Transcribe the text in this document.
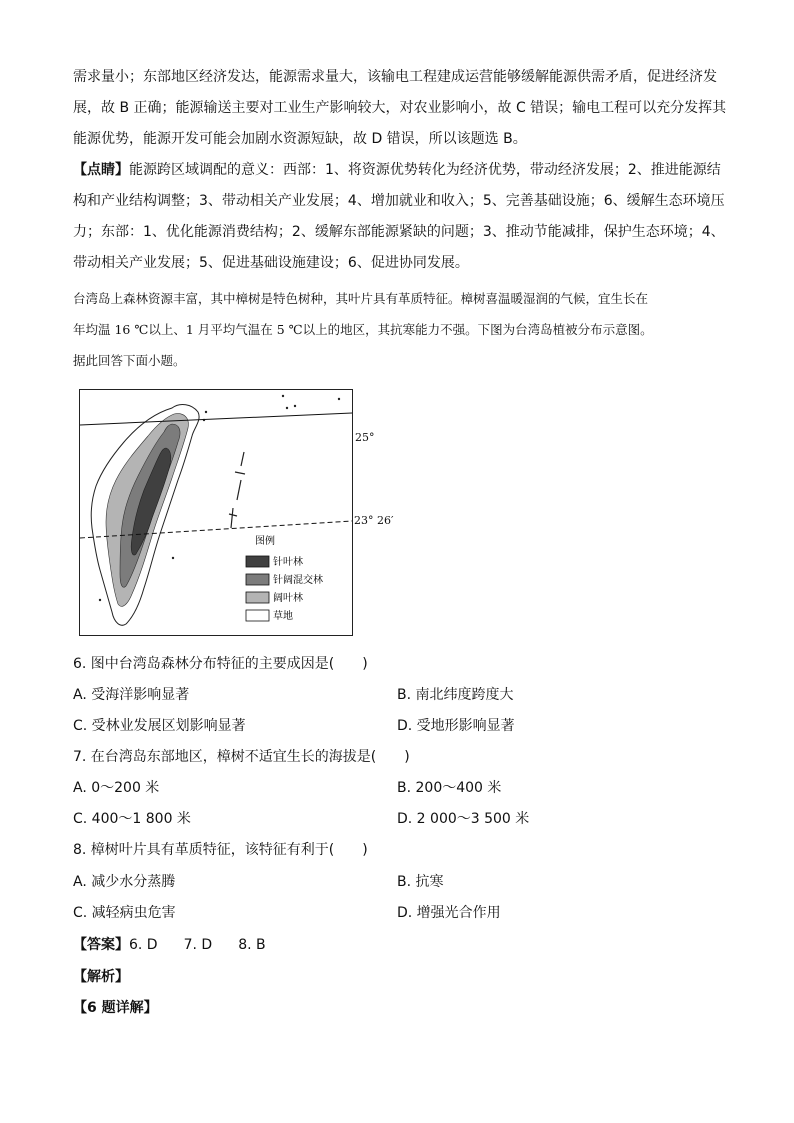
需求量小；东部地区经济发达，能源需求量大，该输电工程建成运营能够缓解能源供需矛盾，促进经济发
展，故 B 正确；能源输送主要对工业生产影响较大，对农业影响小，故 C 错误；输电工程可以充分发挥其
能源优势，能源开发可能会加剧水资源短缺，故 D 错误，所以该题选 B。
【点睛】能源跨区域调配的意义：西部：1、将资源优势转化为经济优势，带动经济发展；2、推进能源结
构和产业结构调整；3、带动相关产业发展；4、增加就业和收入；5、完善基础设施；6、缓解生态环境压
力；东部：1、优化能源消费结构；2、缓解东部能源紧缺的问题；3、推动节能减排，保护生态环境；4、
带动相关产业发展；5、促进基础设施建设；6、促进协同发展。
台湾岛上森林资源丰富，其中樟树是特色树种，其叶片具有革质特征。樟树喜温暖湿润的气候，宜生长在
年均温 16 ℃以上、1 月平均气温在 5 ℃以上的地区，其抗寒能力不强。下图为台湾岛植被分布示意图。
据此回答下面小题。
图例
针叶林
针阔混交林
阔叶林
草地
25°
23° 26′
6. 图中台湾岛森林分布特征的主要成因是(　　)
A. 受海洋影响显著	B. 南北纬度跨度大
C. 受林业发展区划影响显著	D. 受地形影响显著
7. 在台湾岛东部地区，樟树不适宜生长的海拔是(　　)
A. 0～200 米	B. 200～400 米
C. 400～1 800 米	D. 2 000～3 500 米
8. 樟树叶片具有革质特征，该特征有利于(　　)
A. 减少水分蒸腾	B. 抗寒
C. 减轻病虫危害	D. 增强光合作用
【答案】6. D 7. D 8. B
【解析】
【6 题详解】
